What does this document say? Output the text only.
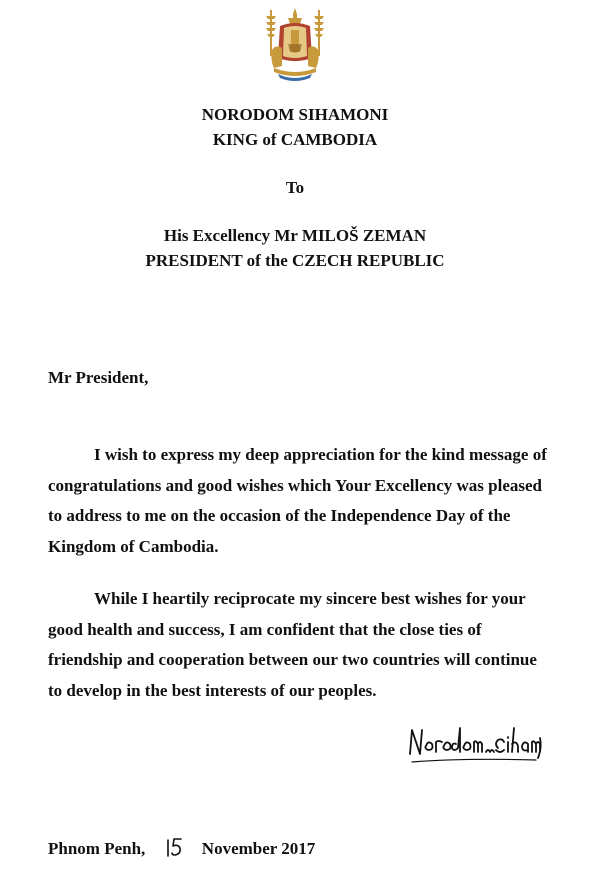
NORODOM SIHAMONI
KING of CAMBODIA
To
His Excellency Mr MILOŠ ZEMAN
PRESIDENT of the CZECH REPUBLIC
Mr President,

I wish to express my deep appreciation for the kind message of congratulations and good wishes which Your Excellency was pleased to address to me on the occasion of the Independence Day of the Kingdom of Cambodia.

While I heartily reciprocate my sincere best wishes for your good health and success, I am confident that the close ties of friendship and cooperation between our two countries will continue to develop in the best interests of our peoples.

Phnom Penh,	November 2017
